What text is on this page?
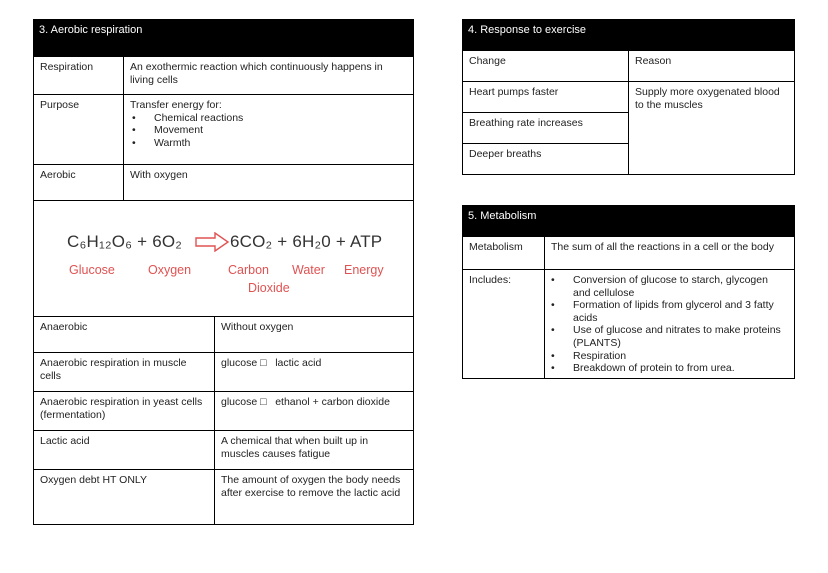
3. Aerobic respiration
Respiration	An exothermic reaction which continuously happens in living cells
Purpose	Transfer energy for:
• Chemical reactions
• Movement
• Warmth
Aerobic	With oxygen
C₆H₁₂O₆ + 6O₂	6CO₂ + 6H₂0 + ATP
Glucose	Oxygen	Carbon
Dioxide
Water Energy
Anaerobic	Without oxygen
Anaerobic respiration in muscle cells
glucose □   lactic acid
Anaerobic respiration in yeast cells (fermentation)
glucose □   ethanol + carbon dioxide
Lactic acid	A chemical that when built up in muscles causes fatigue
Oxygen debt HT ONLY	The amount of oxygen the body needs after exercise to remove the lactic acid
4. Response to exercise
Change	Reason
Heart pumps faster
Breathing rate increases
Deeper breaths
Supply more oxygenated blood to the muscles
5. Metabolism
Metabolism	The sum of all the reactions in a cell or the body
Includes:
•	Conversion of glucose to starch, glycogen and cellulose
• Formation of lipids from glycerol and 3 fatty acids
• Use of glucose and nitrates to make proteins (PLANTS)
• Respiration
• Breakdown of protein to from urea.
